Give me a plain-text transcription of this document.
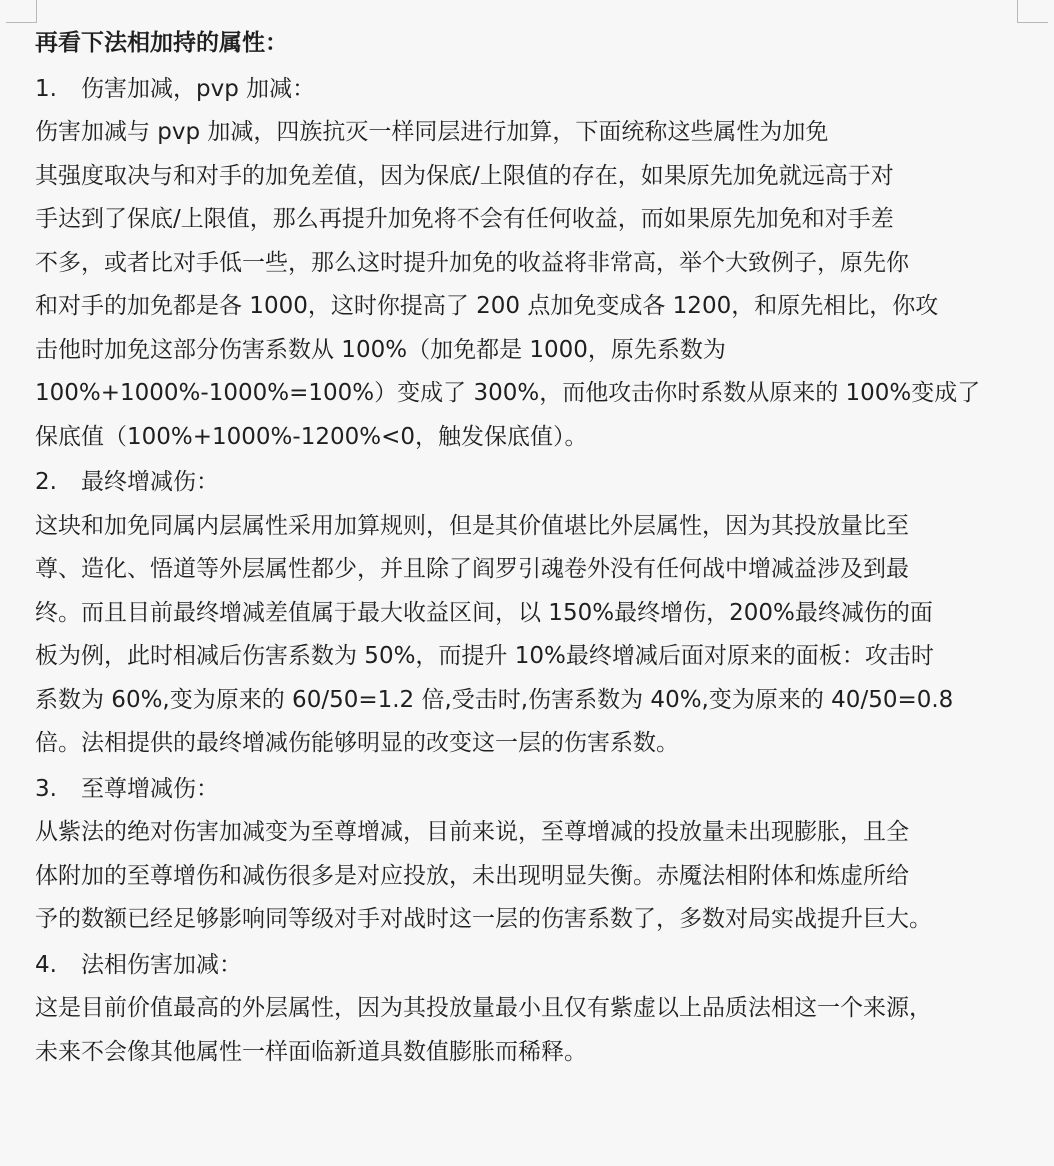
再看下法相加持的属性：
1. 伤害加减，pvp 加减：
伤害加减与 pvp 加减，四族抗灭一样同层进行加算，下面统称这些属性为加免
其强度取决与和对手的加免差值，因为保底/上限值的存在，如果原先加免就远高于对
手达到了保底/上限值，那么再提升加免将不会有任何收益，而如果原先加免和对手差
不多，或者比对手低一些，那么这时提升加免的收益将非常高，举个大致例子，原先你
和对手的加免都是各 1000，这时你提高了 200 点加免变成各 1200，和原先相比，你攻
击他时加免这部分伤害系数从 100%（加免都是 1000，原先系数为
100%+1000%-1000%=100%）变成了 300%，而他攻击你时系数从原来的 100%变成了
保底值（100%+1000%-1200%<0，触发保底值）。
2. 最终增减伤：
这块和加免同属内层属性采用加算规则，但是其价值堪比外层属性，因为其投放量比至
尊、造化、悟道等外层属性都少，并且除了阎罗引魂卷外没有任何战中增减益涉及到最
终。而且目前最终增减差值属于最大收益区间，以 150%最终增伤，200%最终减伤的面
板为例，此时相减后伤害系数为 50%，而提升 10%最终增减后面对原来的面板：攻击时
系数为 60%,变为原来的 60/50=1.2 倍,受击时,伤害系数为 40%,变为原来的 40/50=0.8
倍。法相提供的最终增减伤能够明显的改变这一层的伤害系数。
3. 至尊增减伤：
从紫法的绝对伤害加减变为至尊增减，目前来说，至尊增减的投放量未出现膨胀，且全
体附加的至尊增伤和减伤很多是对应投放，未出现明显失衡。赤魇法相附体和炼虚所给
予的数额已经足够影响同等级对手对战时这一层的伤害系数了，多数对局实战提升巨大。
4. 法相伤害加减：
这是目前价值最高的外层属性，因为其投放量最小且仅有紫虚以上品质法相这一个来源，
未来不会像其他属性一样面临新道具数值膨胀而稀释。
